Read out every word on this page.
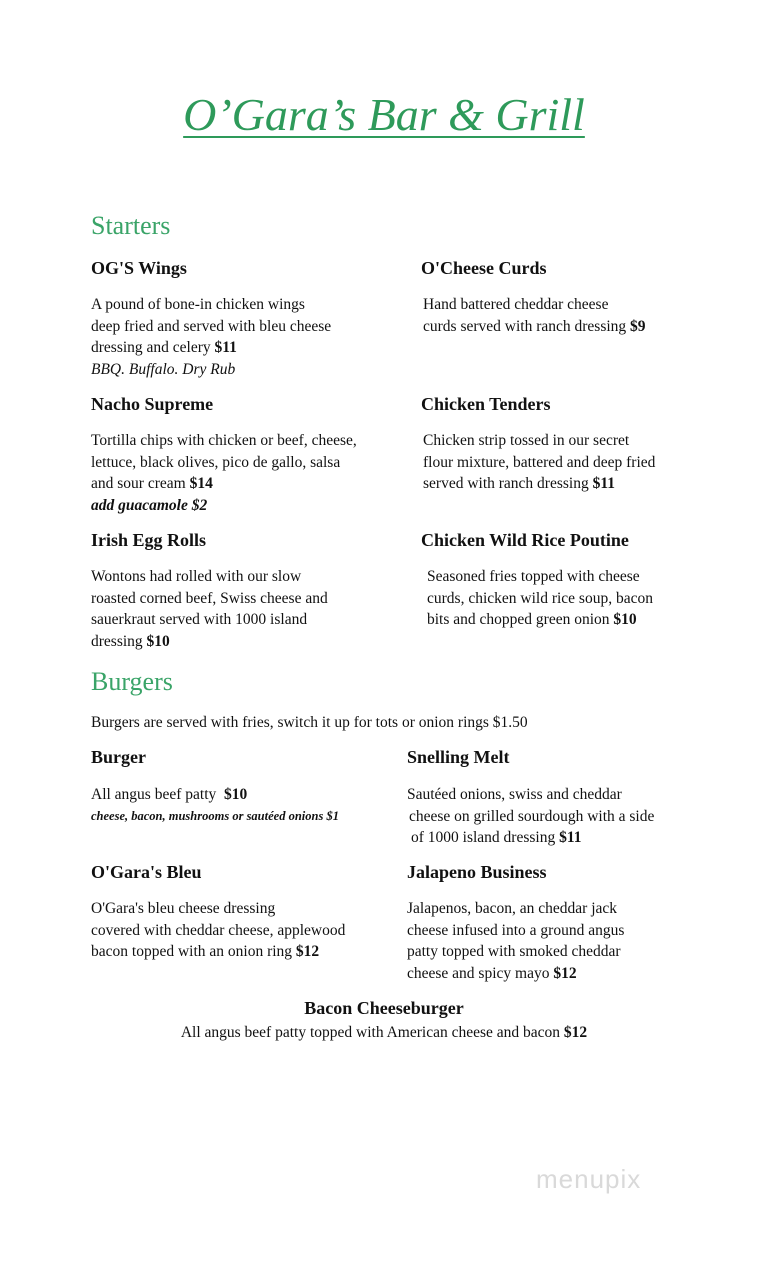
O’Gara’s Bar & Grill
Starters
OG'S Wings
A pound of bone-in chicken wings
deep fried and served with bleu cheese
dressing and celery $11
BBQ. Buffalo. Dry Rub
O'Cheese Curds
Hand battered cheddar cheese
curds served with ranch dressing $9
Nacho Supreme
Tortilla chips with chicken or beef, cheese,
lettuce, black olives, pico de gallo, salsa
and sour cream $14
add guacamole $2
Chicken Tenders
Chicken strip tossed in our secret
flour mixture, battered and deep fried
served with ranch dressing $11
Irish Egg Rolls
Wontons had rolled with our slow
roasted corned beef, Swiss cheese and
sauerkraut served with 1000 island
dressing $10
Chicken Wild Rice Poutine
Seasoned fries topped with cheese
curds, chicken wild rice soup, bacon
bits and chopped green onion $10
Burgers
Burgers are served with fries, switch it up for tots or onion rings $1.50
Burger
All angus beef patty $10
cheese, bacon, mushrooms or sautéed onions $1
Snelling Melt
Sautéed onions, swiss and cheddar
cheese on grilled sourdough with a side
of 1000 island dressing $11
O'Gara's Bleu
O'Gara's bleu cheese dressing
covered with cheddar cheese, applewood
bacon topped with an onion ring $12
Jalapeno Business
Jalapenos, bacon, an cheddar jack
cheese infused into a ground angus
patty topped with smoked cheddar
cheese and spicy mayo $12
Bacon Cheeseburger
All angus beef patty topped with American cheese and bacon $12
menupix
